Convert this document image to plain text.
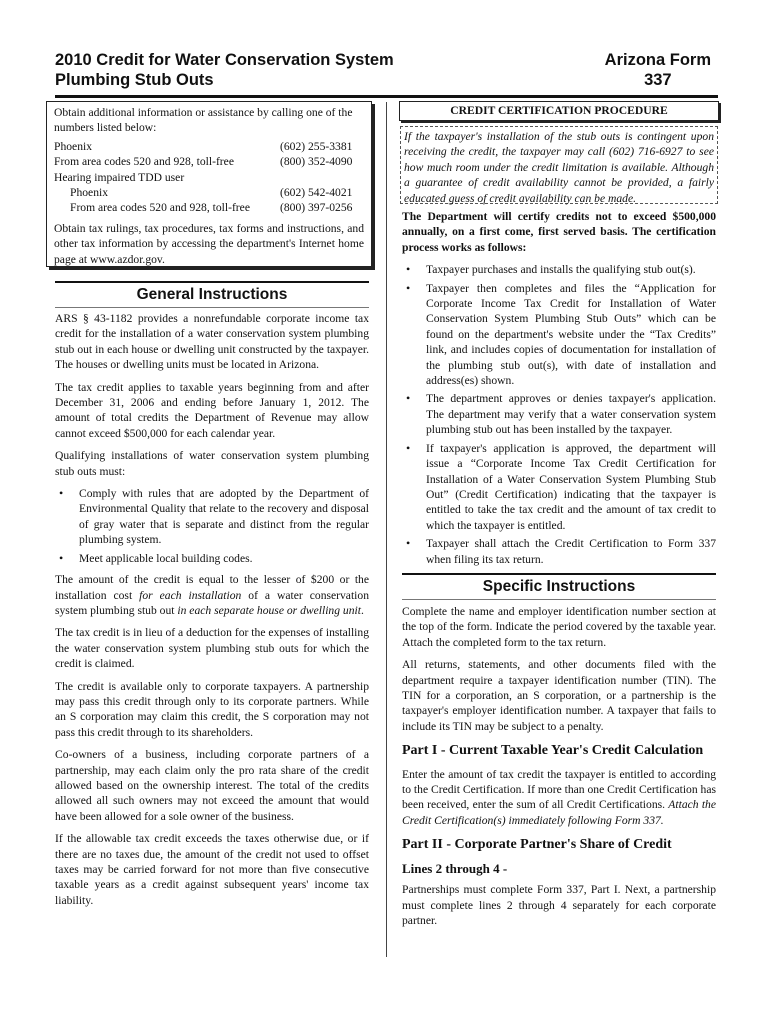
2010 Credit for Water Conservation System
Plumbing Stub Outs
Arizona Form
337

Obtain additional information or assistance by calling one of the numbers listed below:

Phoenix	(602) 255-3381
From area codes 520 and 928, toll-free	(800) 352-4090
Hearing impaired TDD user
Phoenix	(602) 542-4021
From area codes 520 and 928, toll-free	(800) 397-0256

Obtain tax rulings, tax procedures, tax forms and instructions, and other tax information by accessing the department's Internet home page at www.azdor.gov.

General Instructions

ARS § 43-1182 provides a nonrefundable corporate income tax credit for the installation of a water conservation system plumbing stub out in each house or dwelling unit constructed by the taxpayer. The houses or dwelling units must be located in Arizona.

The tax credit applies to taxable years beginning from and after December 31, 2006 and ending before January 1, 2012. The amount of total credits the Department of Revenue may allow cannot exceed $500,000 for each calendar year.

Qualifying installations of water conservation system plumbing stub outs must:

• Comply with rules that are adopted by the Department of Environmental Quality that relate to the recovery and disposal of gray water that is separate and distinct from the regular plumbing system.
• Meet applicable local building codes.

The amount of the credit is equal to the lesser of $200 or the installation cost for each installation of a water conservation system plumbing stub out in each separate house or dwelling unit.

The tax credit is in lieu of a deduction for the expenses of installing the water conservation system plumbing stub outs for which the credit is claimed.

The credit is available only to corporate taxpayers. A partnership may pass this credit through only to its corporate partners. While an S corporation may claim this credit, the S corporation may not pass this credit through to its shareholders.

Co-owners of a business, including corporate partners of a partnership, may each claim only the pro rata share of the credit allowed based on the ownership interest. The total of the credits allowed all such owners may not exceed the amount that would have been allowed for a sole owner of the business.

If the allowable tax credit exceeds the taxes otherwise due, or if there are no taxes due, the amount of the credit not used to offset taxes may be carried forward for not more than five consecutive taxable years as a credit against subsequent years' income tax liability.

CREDIT CERTIFICATION PROCEDURE
If the taxpayer's installation of the stub outs is contingent upon receiving the credit, the taxpayer may call (602) 716-6927 to see how much room under the credit limitation is available. Although a guarantee of credit availability cannot be provided, a fairly educated guess of credit availability can be made.

The Department will certify credits not to exceed $500,000 annually, on a first come, first served basis. The certification process works as follows:

• Taxpayer purchases and installs the qualifying stub out(s).
• Taxpayer then completes and files the “Application for Corporate Income Tax Credit for Installation of Water Conservation System Plumbing Stub Outs” which can be found on the department's website under the “Tax Credits” link, and includes copies of documentation for installation of the plumbing stub out(s), with date of installation and address(es) shown.
• The department approves or denies taxpayer's application. The department may verify that a water conservation system plumbing stub out has been installed by the taxpayer.
• If taxpayer's application is approved, the department will issue a “Corporate Income Tax Credit Certification for Installation of a Water Conservation System Plumbing Stub Out” (Credit Certification) indicating that the taxpayer is entitled to take the tax credit and the amount of tax credit to which the taxpayer is entitled.
• Taxpayer shall attach the Credit Certification to Form 337 when filing its tax return.
Specific Instructions

Complete the name and employer identification number section at the top of the form. Indicate the period covered by the taxable year. Attach the completed form to the tax return.

All returns, statements, and other documents filed with the department require a taxpayer identification number (TIN). The TIN for a corporation, an S corporation, or a partnership is the taxpayer's employer identification number. A taxpayer that fails to include its TIN may be subject to a penalty.

Part I - Current Taxable Year's Credit Calculation

Enter the amount of tax credit the taxpayer is entitled to according to the Credit Certification. If more than one Credit Certification has been received, enter the sum of all Credit Certifications. Attach the Credit Certification(s) immediately following Form 337.

Part II - Corporate Partner's Share of Credit

Lines 2 through 4 -

Partnerships must complete Form 337, Part I. Next, a partnership must complete lines 2 through 4 separately for each corporate partner.
